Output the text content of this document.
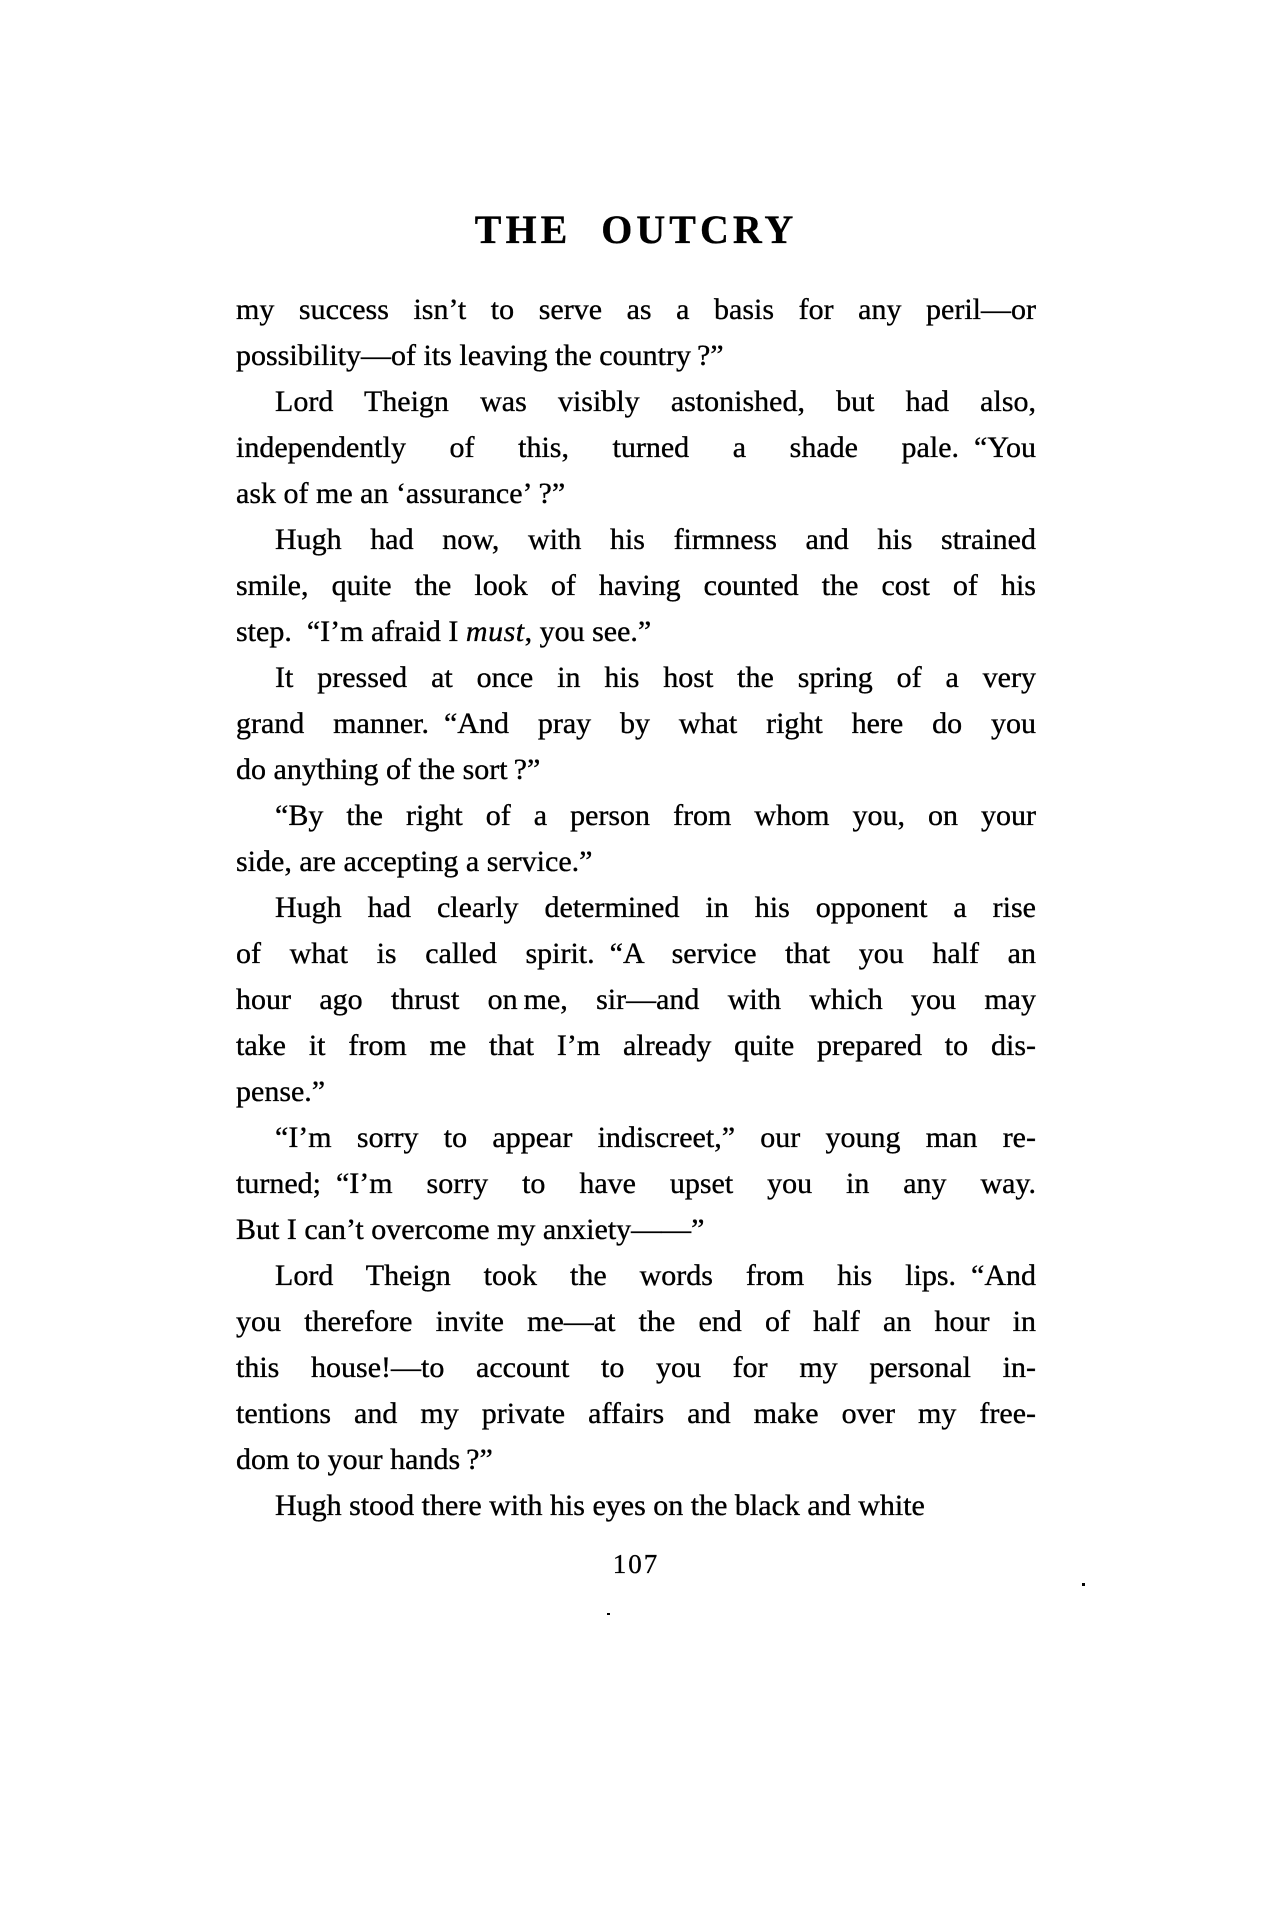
THE OUTCRY
my success isn’t to serve as a basis for any peril—or
possibility—of its leaving the country ?”
Lord Theign was visibly astonished, but had also,
independently of this, turned a shade pale. “You
ask of me an ‘assurance’ ?”
Hugh had now, with his firmness and his strained
smile, quite the look of having counted the cost of his
step. “I’m afraid I must, you see.”
It pressed at once in his host the spring of a very
grand manner. “And pray by what right here do you
do anything of the sort ?”
“By the right of a person from whom you, on your
side, are accepting a service.”
Hugh had clearly determined in his opponent a rise
of what is called spirit. “A service that you half an
hour ago thrust on me, sir—and with which you may
take it from me that I’m already quite prepared to dis-
pense.”
“I’m sorry to appear indiscreet,” our young man re-
turned; “I’m sorry to have upset you in any way.
But I can’t overcome my anxiety——”
Lord Theign took the words from his lips. “And
you therefore invite me—at the end of half an hour in
this house!—to account to you for my personal in-
tentions and my private affairs and make over my free-
dom to your hands ?”
Hugh stood there with his eyes on the black and white
107
